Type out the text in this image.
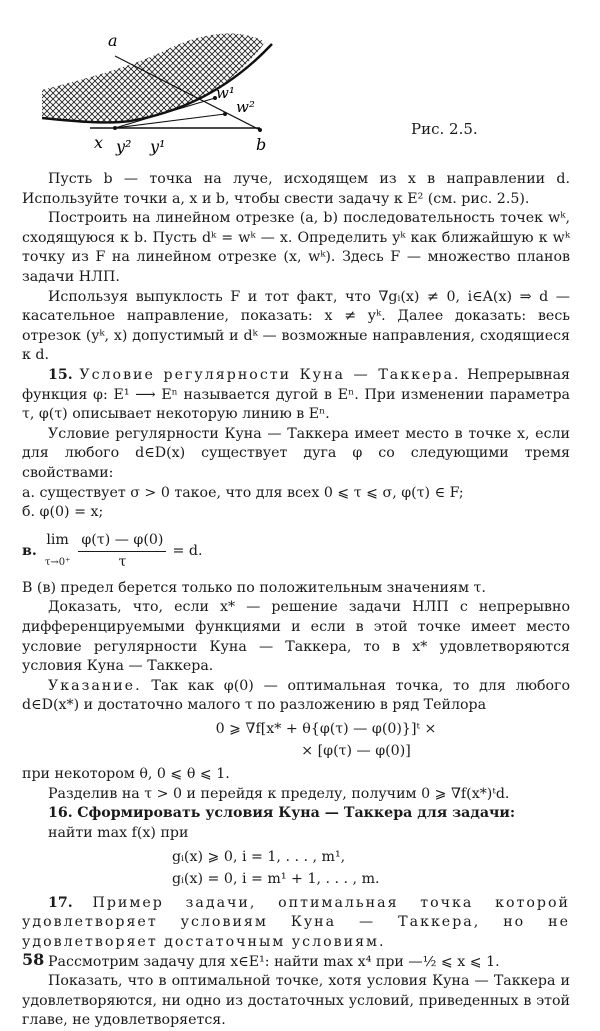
a
x y² y¹
w¹
w²
b
Рис. 2.5.

Пусть b — точка на луче, исходящем из x в направлении d. Используйте точки a, x и b, чтобы свести задачу к E² (см. рис. 2.5).

Построить на линейном отрезке (a, b) последовательность точек wᵏ, сходящуюся к b. Пусть dᵏ = wᵏ — x. Определить yᵏ как ближайшую к wᵏ точку из F на линейном отрезке (x, wᵏ). Здесь F — множество планов задачи НЛП.

Используя выпуклость F и тот факт, что ∇gᵢ(x) ≠ 0, i∈A(x) ⇒ d — касательное направление, показать: x ≠ yᵏ. Далее доказать: весь отрезок (yᵏ, x) допустимый и dᵏ — возможные направления, сходящиеся к d.

15. Условие регулярности Куна — Таккера. Непрерывная функция φ: E¹ ⟶ Eⁿ называется дугой в Eⁿ. При изменении параметра τ, φ(τ) описывает некоторую линию в Eⁿ.

Условие регулярности Куна — Таккера имеет место в точке x, если для любого d∈D(x) существует дуга φ со следующими тремя свойствами:

а. существует σ > 0 такое, что для всех 0 ⩽ τ ⩽ σ, φ(τ) ∈ F;

б. φ(0) = x;

в.
lim
$\tau\to 0^+ \frac{\varphi(\tau) — \varphi(0)}{\tau} = d$.

В (в) предел берется только по положительным значениям τ.

Доказать, что, если x* — решение задачи НЛП с непрерывно дифференцируемыми функциями и если в этой точке имеет место условие регулярности Куна — Таккера, то в x* удовлетворяются условия Куна — Таккера.

Указание. Так как φ(0) — оптимальная точка, то для любого d∈D(x*) и достаточно малого τ по разложению в ряд Тейлора

0 ⩾ ∇f[x* + θ{φ(τ) — φ(0)}]ᵗ ×
× [φ(τ) — φ(0)]

при некотором θ, 0 ⩽ θ ⩽ 1.

Разделив на τ > 0 и перейдя к пределу, получим 0 ⩾ ∇f(x*)ᵗd.

16. Сформировать условия Куна — Таккера для задачи:

найти max f(x) при

gᵢ(x) ⩾ 0, i = 1, . . . , m¹,
gᵢ(x) = 0, i = m¹ + 1, . . . , m.

17. Пример задачи, оптимальная точка которой удовлетворяет условиям Куна — Таккера, но не удовлетворяет достаточным условиям.

Рассмотрим задачу для x∈E¹: найти max x⁴ при —½ ⩽ x ⩽ 1.

Показать, что в оптимальной точке, хотя условия Куна — Таккера и удовлетворяются, ни одно из достаточных условий, приведенных в этой главе, не удовлетворяется.

58
